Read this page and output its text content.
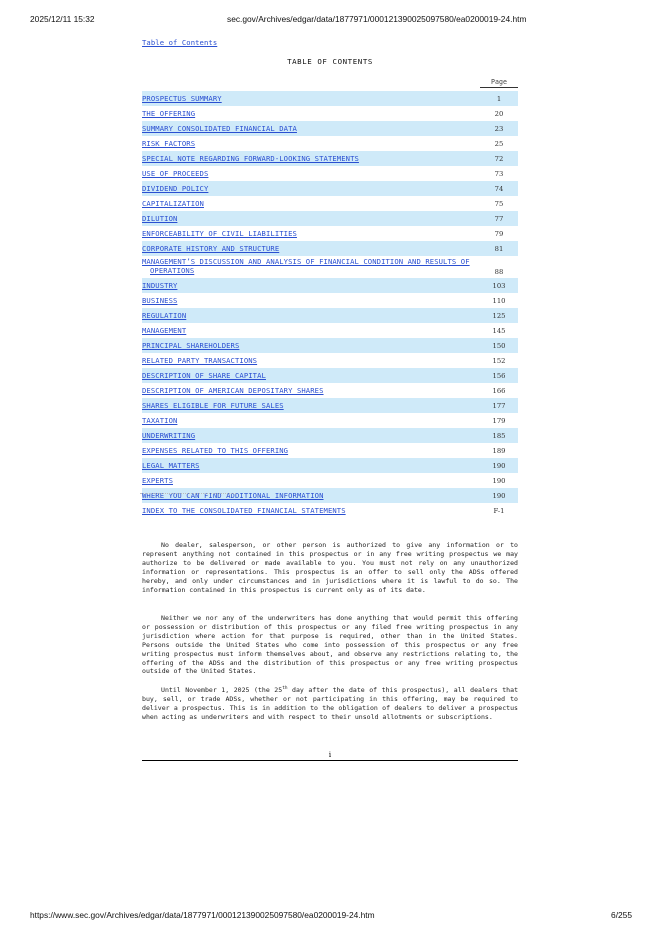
2025/12/11 15:32	sec.gov/Archives/edgar/data/1877971/000121390025097580/ea0200019-24.htm
Table of Contents
TABLE OF CONTENTS
Page
PROSPECTUS SUMMARY	1
THE OFFERING	20
SUMMARY CONSOLIDATED FINANCIAL DATA	23
RISK FACTORS	25
SPECIAL NOTE REGARDING FORWARD-LOOKING STATEMENTS	72
USE OF PROCEEDS	73
DIVIDEND POLICY	74
CAPITALIZATION	75
DILUTION	77
ENFORCEABILITY OF CIVIL LIABILITIES	79
CORPORATE HISTORY AND STRUCTURE	81
MANAGEMENT’S DISCUSSION AND ANALYSIS OF FINANCIAL CONDITION AND RESULTS OF
OPERATIONS	88
INDUSTRY	103
BUSINESS	110
REGULATION	125
MANAGEMENT	145
PRINCIPAL SHAREHOLDERS	150
RELATED PARTY TRANSACTIONS	152
DESCRIPTION OF SHARE CAPITAL	156
DESCRIPTION OF AMERICAN DEPOSITARY SHARES	166
SHARES ELIGIBLE FOR FUTURE SALES	177
TAXATION	179
UNDERWRITING	185
EXPENSES RELATED TO THIS OFFERING	189
LEGAL MATTERS	190
EXPERTS	190
WHERE YOU CAN FIND ADDITIONAL INFORMATION	190
INDEX TO THE CONSOLIDATED FINANCIAL STATEMENTS	F-1
No dealer, salesperson, or other person is authorized to give any information or to represent anything not contained in this prospectus or in any free writing prospectus we may authorize to be delivered or made available to you. You must not rely on any unauthorized information or representations. This prospectus is an offer to sell only the ADSs offered hereby, and only under circumstances and in jurisdictions where it is lawful to do so. The information contained in this prospectus is current only as of its date.
Neither we nor any of the underwriters has done anything that would permit this offering or possession or distribution of this prospectus or any filed free writing prospectus in any jurisdiction where action for that purpose is required, other than in the United States. Persons outside the United States who come into possession of this prospectus or any free writing prospectus must inform themselves about, and observe any restrictions relating to, the offering of the ADSs and the distribution of this prospectus or any free writing prospectus outside of the United States.
Until November 1, 2025 (the 25th day after the date of this prospectus), all dealers that buy, sell, or trade ADSs, whether or not participating in this offering, may be required to deliver a prospectus. This is in addition to the obligation of dealers to deliver a prospectus when acting as underwriters and with respect to their unsold allotments or subscriptions.
i
https://www.sec.gov/Archives/edgar/data/1877971/000121390025097580/ea0200019-24.htm	6/255
